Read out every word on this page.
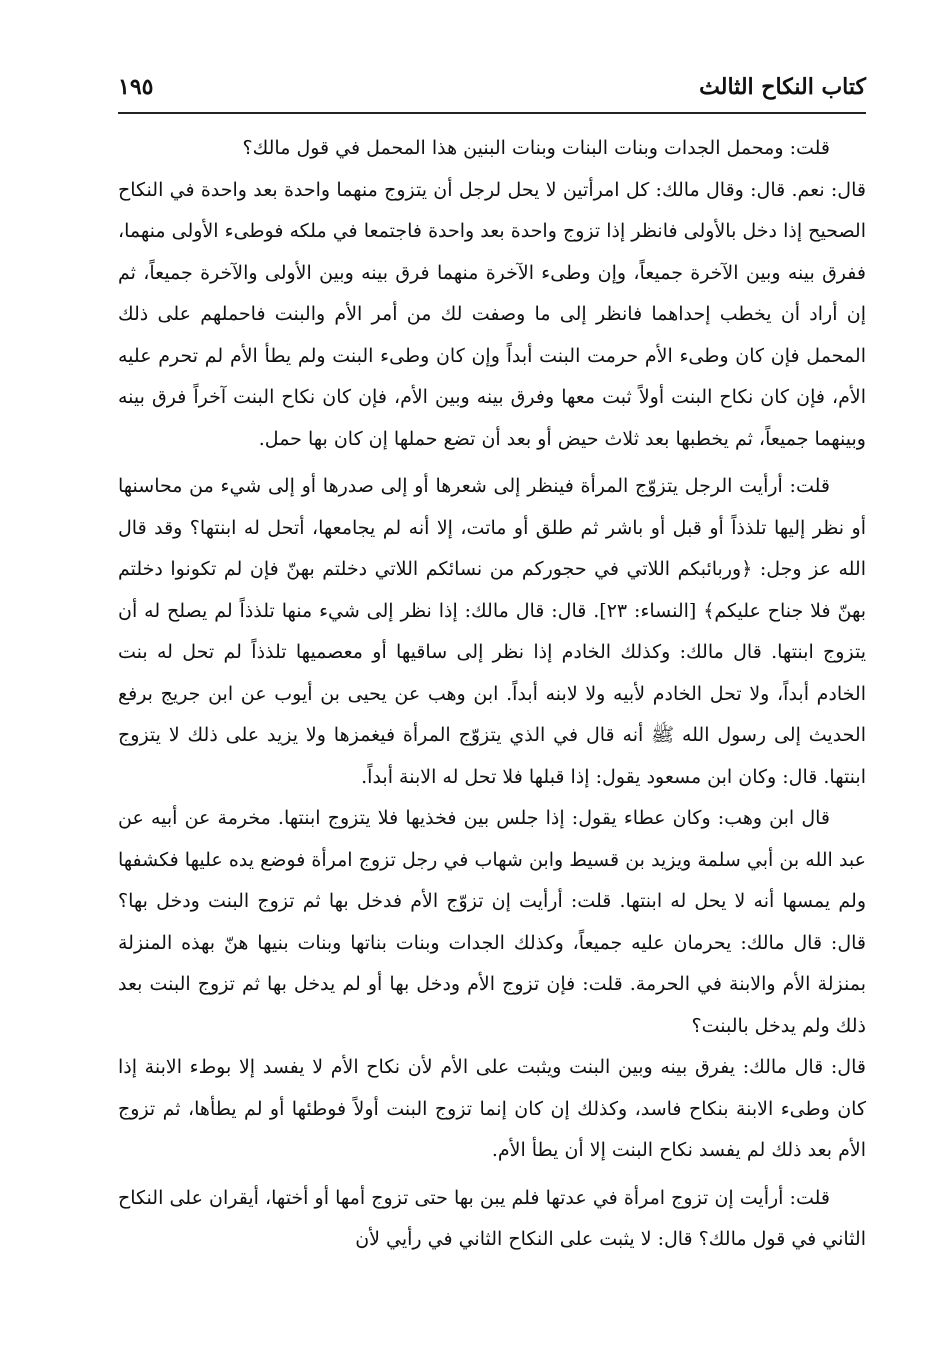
كتاب النكاح الثالث
١٩٥

قلت: ومحمل الجدات وبنات البنات وبنات البنين هذا المحمل في قول مالك؟

قال: نعم. قال: وقال مالك: كل امرأتين لا يحل لرجل أن يتزوج منهما واحدة بعد واحدة في النكاح الصحيح إذا دخل بالأولى فانظر إذا تزوج واحدة بعد واحدة فاجتمعا في ملكه فوطىء الأولى منهما، ففرق بينه وبين الآخرة جميعاً، وإن وطىء الآخرة منهما فرق بينه وبين الأولى والآخرة جميعاً، ثم إن أراد أن يخطب إحداهما فانظر إلى ما وصفت لك من أمر الأم والبنت فاحملهم على ذلك المحمل فإن كان وطىء الأم حرمت البنت أبداً وإن كان وطىء البنت ولم يطأ الأم لم تحرم عليه الأم، فإن كان نكاح البنت أولاً ثبت معها وفرق بينه وبين الأم، فإن كان نكاح البنت آخراً فرق بينه وبينهما جميعاً، ثم يخطبها بعد ثلاث حيض أو بعد أن تضع حملها إن كان بها حمل.

قلت: أرأيت الرجل يتزوّج المرأة فينظر إلى شعرها أو إلى صدرها أو إلى شيء من محاسنها أو نظر إليها تلذذاً أو قبل أو باشر ثم طلق أو ماتت، إلا أنه لم يجامعها، أتحل له ابنتها؟ وقد قال الله عز وجل: ﴿وربائبكم اللاتي في حجوركم من نسائكم اللاتي دخلتم بهنّ فإن لم تكونوا دخلتم بهنّ فلا جناح عليكم﴾ [النساء: ٢٣]. قال: قال مالك: إذا نظر إلى شيء منها تلذذاً لم يصلح له أن يتزوج ابنتها. قال مالك: وكذلك الخادم إذا نظر إلى ساقيها أو معصميها تلذذاً لم تحل له بنت الخادم أبداً، ولا تحل الخادم لأبيه ولا لابنه أبداً. ابن وهب عن يحيى بن أيوب عن ابن جريج برفع الحديث إلى رسول الله ﷺ أنه قال في الذي يتزوّج المرأة فيغمزها ولا يزيد على ذلك لا يتزوج ابنتها. قال: وكان ابن مسعود يقول: إذا قبلها فلا تحل له الابنة أبداً.

قال ابن وهب: وكان عطاء يقول: إذا جلس بين فخذيها فلا يتزوج ابنتها. مخرمة عن أبيه عن عبد الله بن أبي سلمة ويزيد بن قسيط وابن شهاب في رجل تزوج امرأة فوضع يده عليها فكشفها ولم يمسها أنه لا يحل له ابنتها. قلت: أرأيت إن تزوّج الأم فدخل بها ثم تزوج البنت ودخل بها؟ قال: قال مالك: يحرمان عليه جميعاً، وكذلك الجدات وبنات بناتها وبنات بنيها هنّ بهذه المنزلة بمنزلة الأم والابنة في الحرمة. قلت: فإن تزوج الأم ودخل بها أو لم يدخل بها ثم تزوج البنت بعد ذلك ولم يدخل بالبنت؟

قال: قال مالك: يفرق بينه وبين البنت ويثبت على الأم لأن نكاح الأم لا يفسد إلا بوطء الابنة إذا كان وطىء الابنة بنكاح فاسد، وكذلك إن كان إنما تزوج البنت أولاً فوطئها أو لم يطأها، ثم تزوج الأم بعد ذلك لم يفسد نكاح البنت إلا أن يطأ الأم.

قلت: أرأيت إن تزوج امرأة في عدتها فلم يبن بها حتى تزوج أمها أو أختها، أيقران على النكاح الثاني في قول مالك؟ قال: لا يثبت على النكاح الثاني في رأيي لأن
